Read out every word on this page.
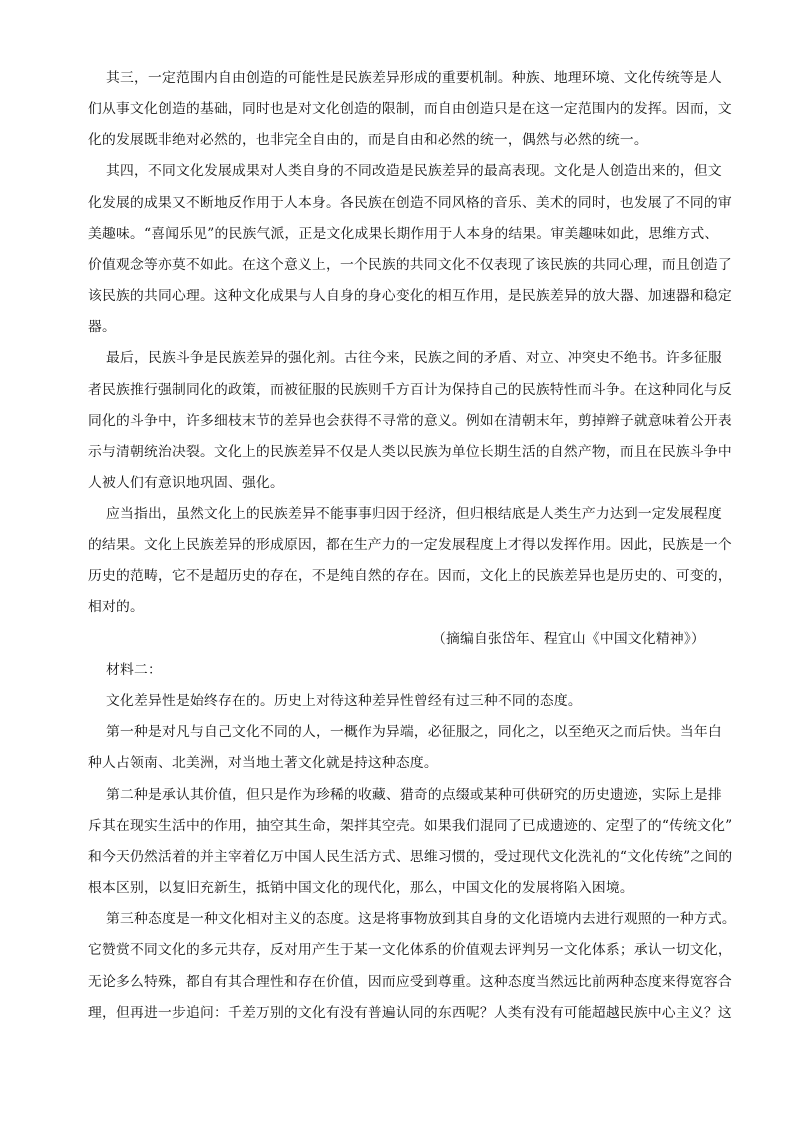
其三，一定范围内自由创造的可能性是民族差异形成的重要机制。种族、地理环境、文化传统等是人
们从事文化创造的基础，同时也是对文化创造的限制，而自由创造只是在这一定范围内的发挥。因而，文
化的发展既非绝对必然的，也非完全自由的，而是自由和必然的统一，偶然与必然的统一。
其四，不同文化发展成果对人类自身的不同改造是民族差异的最高表现。文化是人创造出来的，但文
化发展的成果又不断地反作用于人本身。各民族在创造不同风格的音乐、美术的同时，也发展了不同的审
美趣味。“喜闻乐见”的民族气派，正是文化成果长期作用于人本身的结果。审美趣味如此，思维方式、
价值观念等亦莫不如此。在这个意义上，一个民族的共同文化不仅表现了该民族的共同心理，而且创造了
该民族的共同心理。这种文化成果与人自身的身心变化的相互作用，是民族差异的放大器、加速器和稳定
器。
最后，民族斗争是民族差异的强化剂。古往今来，民族之间的矛盾、对立、冲突史不绝书。许多征服
者民族推行强制同化的政策，而被征服的民族则千方百计为保持自己的民族特性而斗争。在这种同化与反
同化的斗争中，许多细枝末节的差异也会获得不寻常的意义。例如在清朝末年，剪掉辫子就意味着公开表
示与清朝统治决裂。文化上的民族差异不仅是人类以民族为单位长期生活的自然产物，而且在民族斗争中
人被人们有意识地巩固、强化。
应当指出，虽然文化上的民族差异不能事事归因于经济，但归根结底是人类生产力达到一定发展程度
的结果。文化上民族差异的形成原因，都在生产力的一定发展程度上才得以发挥作用。因此，民族是一个
历史的范畴，它不是超历史的存在，不是纯自然的存在。因而，文化上的民族差异也是历史的、可变的，
相对的。
（摘编自张岱年、程宜山《中国文化精神》）
材料二：
文化差异性是始终存在的。历史上对待这种差异性曾经有过三种不同的态度。
第一种是对凡与自己文化不同的人，一概作为异端，必征服之，同化之，以至绝灭之而后快。当年白
种人占领南、北美洲，对当地土著文化就是持这种态度。
第二种是承认其价值，但只是作为珍稀的收藏、猎奇的点缀或某种可供研究的历史遗迹，实际上是排
斥其在现实生活中的作用，抽空其生命，架拌其空壳。如果我们混同了已成遗迹的、定型了的“传统文化”
和今天仍然活着的并主宰着亿万中国人民生活方式、思维习惯的，受过现代文化洗礼的“文化传统”之间的
根本区别，以复旧充新生，抵销中国文化的现代化，那么，中国文化的发展将陷入困境。
第三种态度是一种文化相对主义的态度。这是将事物放到其自身的文化语境内去进行观照的一种方式。
它赞赏不同文化的多元共存，反对用产生于某一文化体系的价值观去评判另一文化体系；承认一切文化，
无论多么特殊，都自有其合理性和存在价值，因而应受到尊重。这种态度当然远比前两种态度来得宽容合
理，但再进一步追问：千差万别的文化有没有普遍认同的东西呢？人类有没有可能超越民族中心主义？这
